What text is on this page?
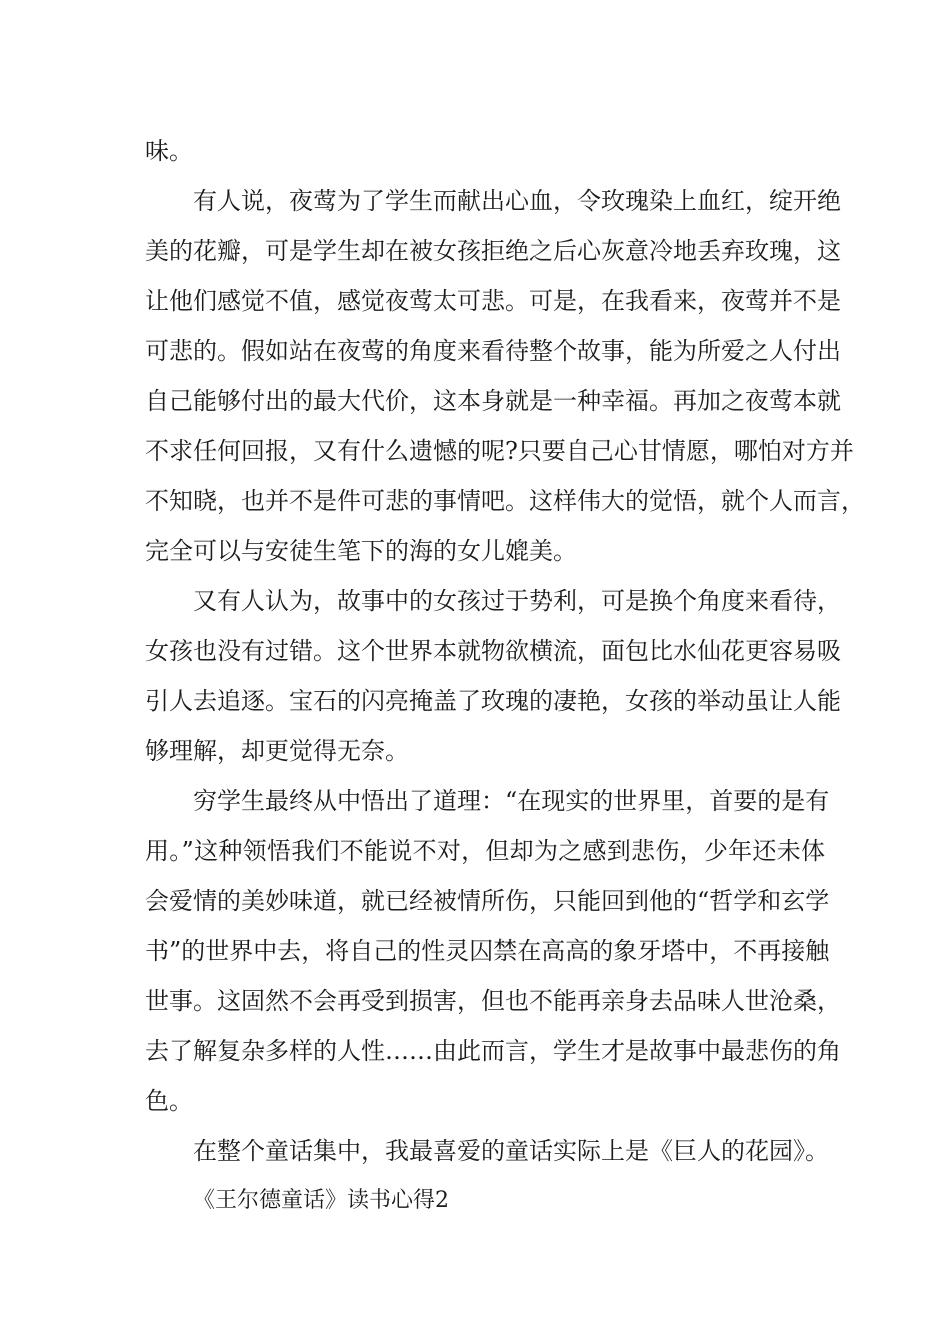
味。
有人说，夜莺为了学生而献出心血，令玫瑰染上血红，绽开绝
美的花瓣，可是学生却在被女孩拒绝之后心灰意冷地丢弃玫瑰，这
让他们感觉不值，感觉夜莺太可悲。可是，在我看来，夜莺并不是
可悲的。假如站在夜莺的角度来看待整个故事，能为所爱之人付出
自己能够付出的最大代价，这本身就是一种幸福。再加之夜莺本就
不求任何回报，又有什么遗憾的呢?只要自己心甘情愿，哪怕对方并
不知晓，也并不是件可悲的事情吧。这样伟大的觉悟，就个人而言，
完全可以与安徒生笔下的海的女儿媲美。
又有人认为，故事中的女孩过于势利，可是换个角度来看待，
女孩也没有过错。这个世界本就物欲横流，面包比水仙花更容易吸
引人去追逐。宝石的闪亮掩盖了玫瑰的凄艳，女孩的举动虽让人能
够理解，却更觉得无奈。
穷学生最终从中悟出了道理：“在现实的世界里，首要的是有
用。”这种领悟我们不能说不对，但却为之感到悲伤，少年还未体
会爱情的美妙味道，就已经被情所伤，只能回到他的“哲学和玄学
书”的世界中去，将自己的性灵囚禁在高高的象牙塔中，不再接触
世事。这固然不会再受到损害，但也不能再亲身去品味人世沧桑，
去了解复杂多样的人性……由此而言，学生才是故事中最悲伤的角
色。
在整个童话集中，我最喜爱的童话实际上是《巨人的花园》。
《王尔德童话》读书心得2
